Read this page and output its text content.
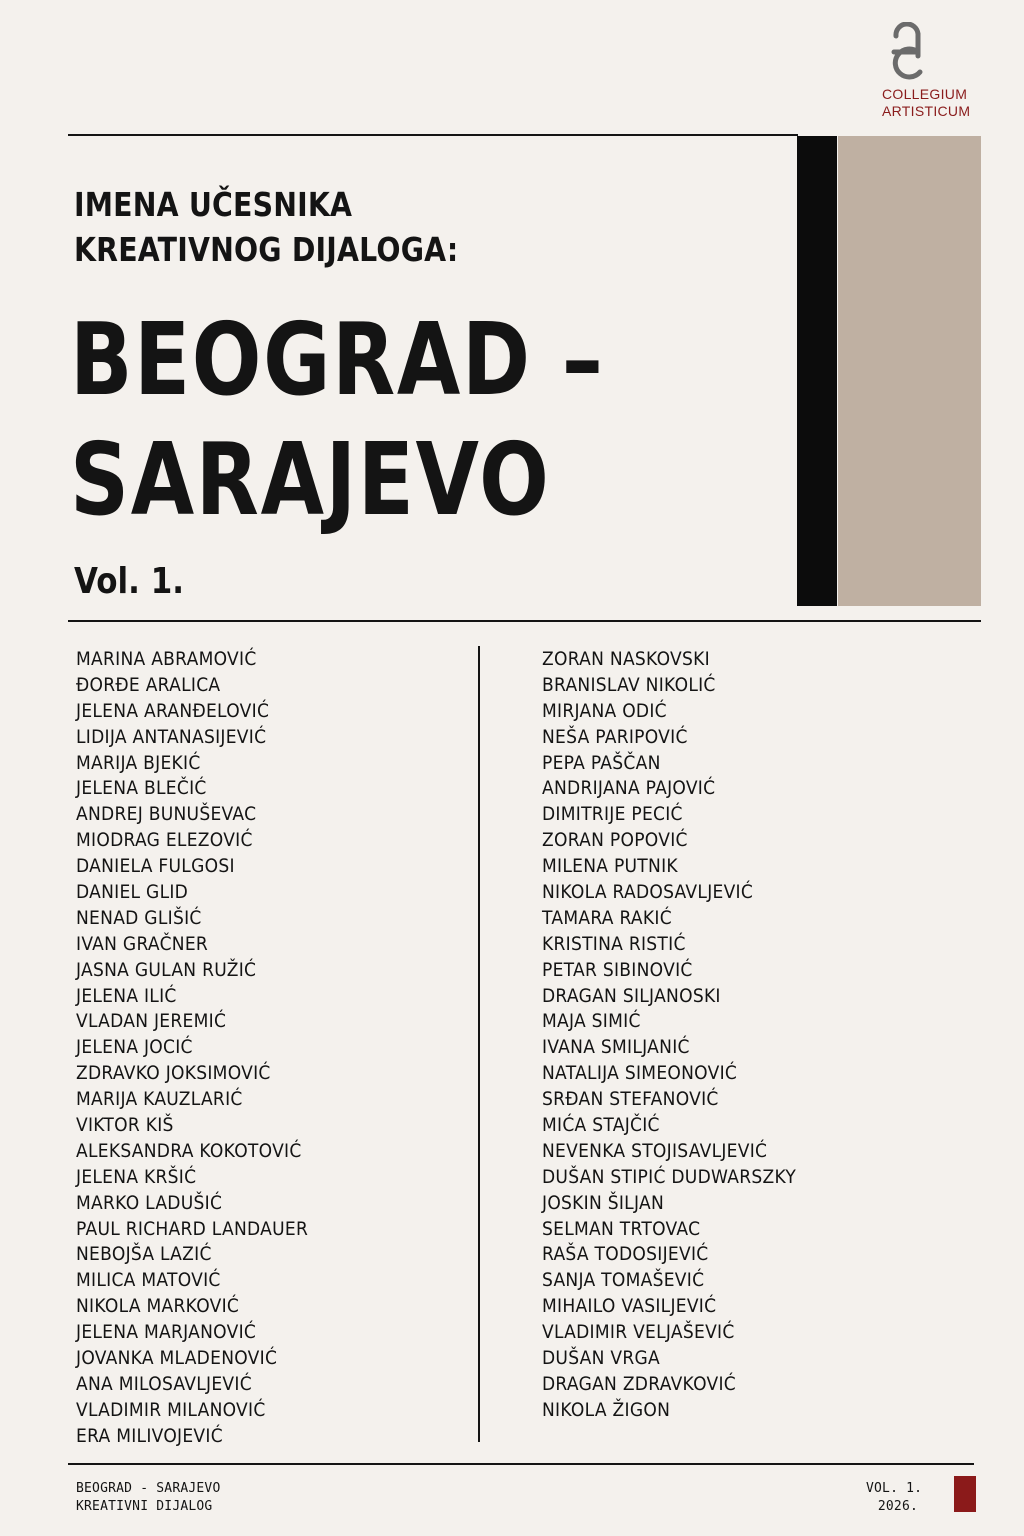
COLLEGIUM
ARTISTICUM
IMENA UČESNIKA
KREATIVNOG DIJALOGA:
BEOGRAD –
SARAJEVO
Vol. 1.
MARINA ABRAMOVIĆ
ĐORĐE ARALICA
JELENA ARANĐELOVIĆ
LIDIJA ANTANASIJEVIĆ
MARIJA BJEKIĆ
JELENA BLEČIĆ
ANDREJ BUNUŠEVAC
MIODRAG ELEZOVIĆ
DANIELA FULGOSI
DANIEL GLID
NENAD GLIŠIĆ
IVAN GRAČNER
JASNA GULAN RUŽIĆ
JELENA ILIĆ
VLADAN JEREMIĆ
JELENA JOCIĆ
ZDRAVKO JOKSIMOVIĆ
MARIJA KAUZLARIĆ
VIKTOR KIŠ
ALEKSANDRA KOKOTOVIĆ
JELENA KRŠIĆ
MARKO LADUŠIĆ
PAUL RICHARD LANDAUER
NEBOJŠA LAZIĆ
MILICA MATOVIĆ
NIKOLA MARKOVIĆ
JELENA MARJANOVIĆ
JOVANKA MLADENOVIĆ
ANA MILOSAVLJEVIĆ
VLADIMIR MILANOVIĆ
ERA MILIVOJEVIĆ
ZORAN NASKOVSKI
BRANISLAV NIKOLIĆ
MIRJANA ODIĆ
NEŠA PARIPOVIĆ
PEPA PAŠČAN
ANDRIJANA PAJOVIĆ
DIMITRIJE PECIĆ
ZORAN POPOVIĆ
MILENA PUTNIK
NIKOLA RADOSAVLJEVIĆ
TAMARA RAKIĆ
KRISTINA RISTIĆ
PETAR SIBINOVIĆ
DRAGAN SILJANOSKI
MAJA SIMIĆ
IVANA SMILJANIĆ
NATALIJA SIMEONOVIĆ
SRĐAN STEFANOVIĆ
MIĆA STAJČIĆ
NEVENKA STOJISAVLJEVIĆ
DUŠAN STIPIĆ DUDWARSZKY
JOSKIN ŠILJAN
SELMAN TRTOVAC
RAŠA TODOSIJEVIĆ
SANJA TOMAŠEVIĆ
MIHAILO VASILJEVIĆ
VLADIMIR VELJAŠEVIĆ
DUŠAN VRGA
DRAGAN ZDRAVKOVIĆ
NIKOLA ŽIGON
BEOGRAD - SARAJEVO
KREATIVNI DIJALOG
VOL. 1.
2026.
